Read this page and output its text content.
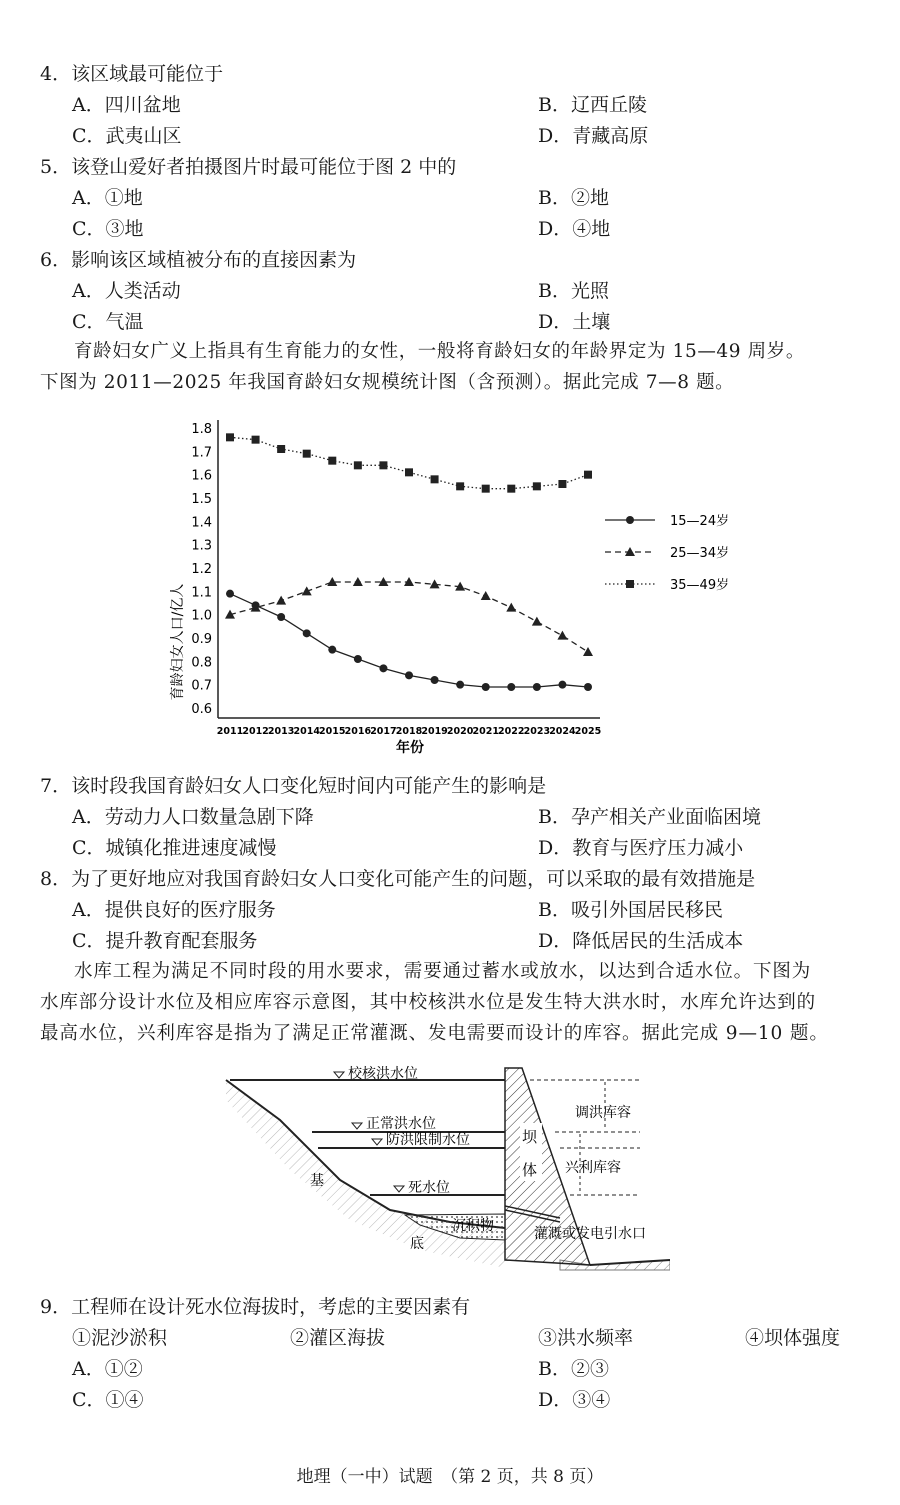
4．该区域最可能位于
A．四川盆地	B．辽西丘陵
C．武夷山区	D．青藏高原
5．该登山爱好者拍摄图片时最可能位于图 2 中的
A．①地	B．②地
C．③地	D．④地
6．影响该区域植被分布的直接因素为
A．人类活动	B．光照
C．气温	D．土壤
育龄妇女广义上指具有生育能力的女性，一般将育龄妇女的年龄界定为 15—49 周岁。
下图为 2011—2025 年我国育龄妇女规模统计图（含预测）。据此完成 7—8 题。
0.6
0.7
0.8
0.9
1.0
1.1
1.2
1.3
1.4
1.5
1.6
1.7
1.8
2011 2012 2013 2014 2015 2016 2017 2018 2019 2020 2021 2022 2023 2024 2025
15—24岁
25—34岁
35—49岁
育龄妇女人口/亿人
年份
7．该时段我国育龄妇女人口变化短时间内可能产生的影响是
A．劳动力人口数量急剧下降	B．孕产相关产业面临困境
C．城镇化推进速度减慢	D．教育与医疗压力减小
8．为了更好地应对我国育龄妇女人口变化可能产生的问题，可以采取的最有效措施是
A．提供良好的医疗服务	B．吸引外国居民移民
C．提升教育配套服务	D．降低居民的生活成本
水库工程为满足不同时段的用水要求，需要通过蓄水或放水，以达到合适水位。下图为
水库部分设计水位及相应库容示意图，其中校核洪水位是发生特大洪水时，水库允许达到的
最高水位，兴利库容是指为了满足正常灌溉、发电需要而设计的库容。据此完成 9—10 题。
校核洪水位
正常洪水位
防洪限制水位
死水位
基
底
沉积物
坝
体
调洪库容
兴利库容
灌溉或发电引水口
9．工程师在设计死水位海拔时，考虑的主要因素有
①泥沙淤积	②灌区海拔	③洪水频率	④坝体强度
A．①②	B．②③
C．①④	D．③④
地理（一中）试题　（第 2 页，共 8 页）
